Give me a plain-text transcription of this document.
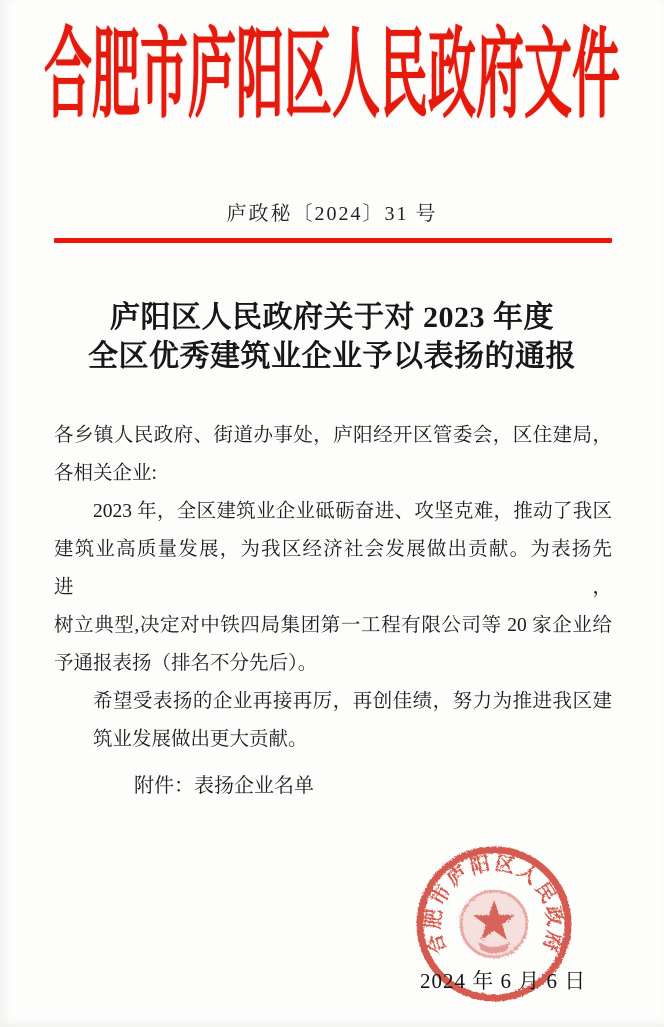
合肥市庐阳区人民政府文件
庐政秘〔2024〕31 号
庐阳区人民政府关于对 2023 年度
全区优秀建筑业企业予以表扬的通报
各乡镇人民政府、街道办事处，庐阳经开区管委会，区住建局，
各相关企业:
2023 年，全区建筑业企业砥砺奋进、攻坚克难，推动了我区
建筑业高质量发展，为我区经济社会发展做出贡献。为表扬先进，
树立典型,决定对中铁四局集团第一工程有限公司等 20 家企业给
予通报表扬（排名不分先后）。
希望受表扬的企业再接再厉，再创佳绩，努力为推进我区建
筑业发展做出更大贡献。
附件：表扬企业名单
合肥市庐阳区人民政府
2024 年 6 月 6 日
